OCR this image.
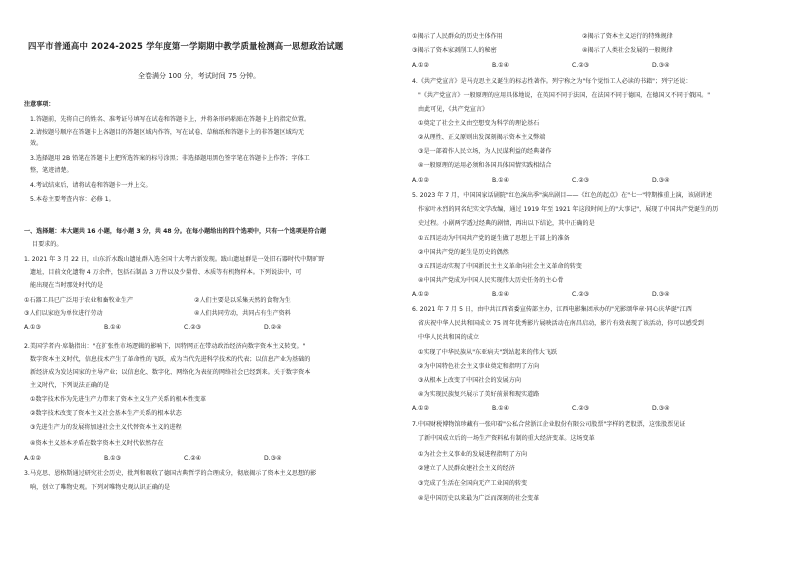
四平市普通高中 2024-2025 学年度第一学期期中教学质量检测高一思想政治试题
全卷满分 100 分，考试时间 75 分钟。
注意事项：
1.答题前，先将自己的姓名、准考证号填写在试卷和答题卡上，并将条形码粘贴在答题卡上的指定位置。
2.请按题号顺序在答题卡上各题目的答题区域内作答，写在试卷、草稿纸和答题卡上的非答题区域均无
效。
3.选择题用 2B 铅笔在答题卡上把所选答案的标号涂黑；非选择题用黑色签字笔在答题卡上作答；字体工
整，笔迹清楚。
4.考试结束后，请将试卷和答题卡一并上交。
5.本卷主要考查内容：必修 1。
一、选择题：本大题共 16 小题，每小题 3 分，共 48 分。在每小题给出的四个选项中，只有一个选项是符合题
目要求的。
1. 2021 年 3 月 22 日，山东沂水跋山遗址群入选全国十大考古新发现。跋山遗址群是一处旧石器时代中期旷野
遗址，目前文化遗物 4 万余件，包括石制品 3 万件以及少量骨、木质等有机物样本。下列说法中，可
能出现在当时那处时代的是
①石器工具已广泛用于农业和畜牧业生产	②人们主要是以采集天然的食物为生
③人们以家庭为单位进行劳动	④人们共同劳动，共同占有生产资料
A.①③	B.①④	C.②③	D.②④
2.美国学者内·席勒指出："在扩张性市场逻辑的影响下，因特网正在带动政治经济向数字资本主义转变。"
数字资本主义时代，信息技术产生了革命性的飞跃，成为当代先进科学技术的代表；以信息产业为基础的
新经济成为发达国家的主导产业；以信息化、数字化、网络化为表征的网络社会已经到来。关于数字资本
主义时代，下列说法正确的是
①数字技术作为先进生产力带来了资本主义生产关系的根本性变革
②数字技术改变了资本主义社会基本生产关系的根本状态
③先进生产力的发展将加速社会主义代替资本主义的进程
④资本主义基本矛盾在数字资本主义时代依然存在
A.①②	B.①③	C.②④	D.③④
3.马克思、恩格斯通过研究社会历史，批判和吸收了德国古典哲学的合理成分，彻底揭示了资本主义思想的影
响，创立了唯物史观。下列对唯物史观认识正确的是
①揭示了人民群众的历史主体作用	②揭示了资本主义运行的特殊规律
③揭示了资本家剥削工人的秘密	④揭示了人类社会发展的一般规律
A.①②	B.①④	C.②③	D.③④
4.《共产党宣言》是马克思主义诞生的标志性著作。列宁称之为"每个觉悟工人必读的书籍"；列宁还说：
"《共产党宣言》一般原理的应用具体地说，在英国不同于法国，在法国不同于德国，在德国又不同于俄国。"
由此可见，《共产党宣言》
①奠定了社会主义由空想变为科学的理论基石
②从理性、正义原则出发深刻揭示资本主义弊端
③是一部着作人民立场，为人民谋利益的经典著作
④一般原理的运用必须和各国具体国情实践相结合
A.①②	B.①④	C.②③	D.③④
5. 2023 年 7 月，中国国家话剧院"红色演出季"演出剧目——《红色的起点》在"七一"特期推重上演，该剧讲述
作家叶永烈的同名纪实文学改编，通过 1919 年至 1921 年这段时间上的"大事记"，展现了中国共产党诞生的历
史过程。小剧两学透过经典的剧情，再出以下结论，其中正确的是
①五四运动为中国共产党的诞生做了思想上干部上的准备
②中国共产党的诞生是历史的偶然
③五四运动实现了中国新民主主义革命向社会主义革命的转变
④中国共产党成为中国人民实现伟大历史任务的主心骨
A.①②	B.①④	C.②③	D.③④
6. 2021 年 7 月 5 日，由中共江西省委宣传部主办，江西电影集团承办的"光影颂华章·同心庆华诞"江西
省庆祝中华人民共和国成立 75 周年优秀影片展映活动在南昌启动，影片有效表现了该活动，你可以感受到
中华人民共和国的成立
①实现了中华民族从"东亚病夫"到站起来的伟大飞跃
②为中国特色社会主义事业奠定和指明了方向
③从根本上改变了中国社会的发展方向
④为实现民族复兴展示了美好前景和现实道路
A.①②	B.①④	C.②③	D.③④
7.中国财税博物馆珍藏有一张印着"公私合营浙江企业股份有限公司股票"字样的老股票，这张股票见证
了新中国成立后的一场生产资料私有制的重大经济变革。这场变革
①为社会主义事业的发展进程指明了方向
②建立了人民群众建社会主义的经济
③完成了生活在全国向无产工业国的转变
④是中国历史以来最为广泛而深刻的社会变革
